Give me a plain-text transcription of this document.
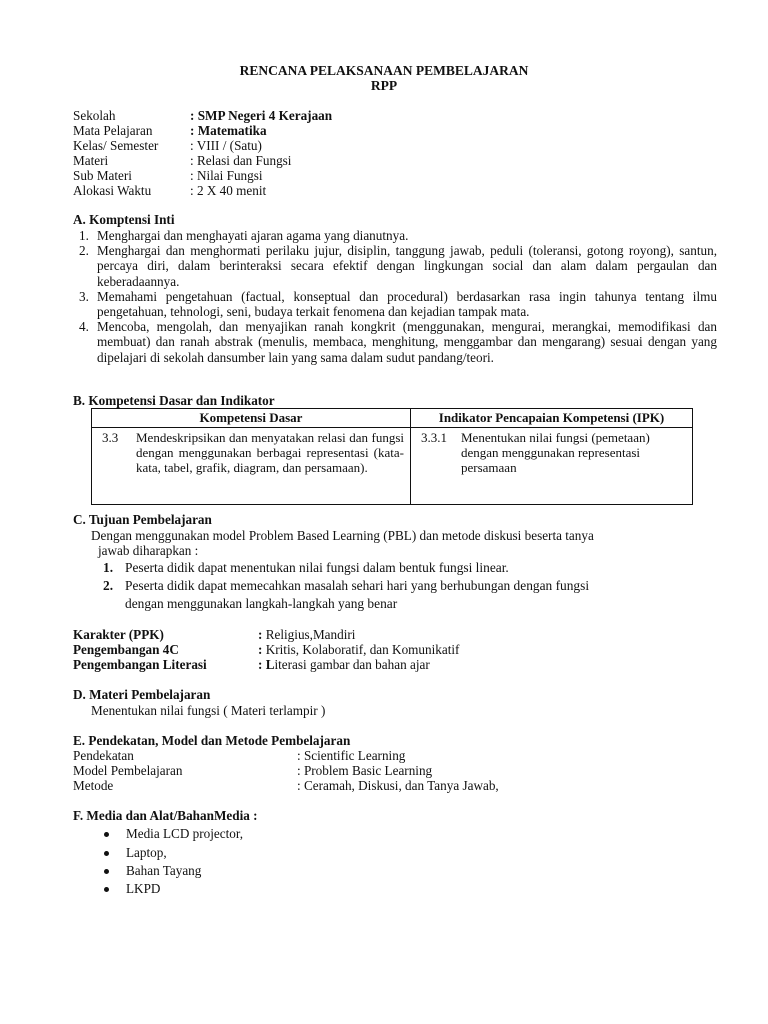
RENCANA PELAKSANAAN PEMBELAJARAN
RPP
Sekolah	: SMP Negeri 4 Kerajaan
Mata Pelajaran	: Matematika
Kelas/ Semester : VIII / (Satu)
Materi	: Relasi dan Fungsi
Sub Materi	: Nilai Fungsi
Alokasi Waktu	: 2 X 40 menit
A. Komptensi Inti
1. Menghargai dan menghayati ajaran agama yang dianutnya.
2. Menghargai dan menghormati perilaku jujur, disiplin, tanggung jawab, peduli (toleransi, gotong royong), santun, percaya diri, dalam berinteraksi secara efektif dengan lingkungan social dan alam dalam pergaulan dan keberadaannya.
3. Memahami pengetahuan (factual, konseptual dan procedural) berdasarkan rasa ingin tahunya tentang ilmu pengetahuan, tehnologi, seni, budaya terkait fenomena dan kejadian tampak mata.
4. Mencoba, mengolah, dan menyajikan ranah kongkrit (menggunakan, mengurai, merangkai, memodifikasi dan membuat) dan ranah abstrak (menulis, membaca, menghitung, menggambar dan mengarang) sesuai dengan yang dipelajari di sekolah dansumber lain yang sama dalam sudut pandang/teori.
B. Kompetensi Dasar dan Indikator
Kompetensi Dasar	Indikator Pencapaian Kompetensi (IPK)

3.3 Mendeskripsikan dan menyatakan relasi dan fungsi dengan menggunakan berbagai representasi (kata-kata, tabel, grafik, diagram, dan persamaan).	3.3.1 Menentukan nilai fungsi (pemetaan) dengan menggunakan representasi persamaan
C. Tujuan Pembelajaran
Dengan menggunakan model Problem Based Learning (PBL) dan metode diskusi beserta tanya
jawab diharapkan :
1. Peserta didik dapat menentukan nilai fungsi dalam bentuk fungsi linear.
2. Peserta didik dapat memecahkan masalah sehari hari yang berhubungan dengan fungsi
dengan menggunakan langkah-langkah yang benar
Karakter (PPK)	: Religius,Mandiri
Pengembangan 4C	: Kritis, Kolaboratif, dan Komunikatif
Pengembangan Literasi	: Literasi gambar dan bahan ajar
D. Materi Pembelajaran
Menentukan nilai fungsi ( Materi terlampir )
E. Pendekatan, Model dan Metode Pembelajaran
Pendekatan	: Scientific Learning
Model Pembelajaran	: Problem Basic Learning
Metode	: Ceramah, Diskusi, dan Tanya Jawab,
F. Media dan Alat/BahanMedia :
Media LCD projector,
Laptop,
Bahan Tayang
LKPD
